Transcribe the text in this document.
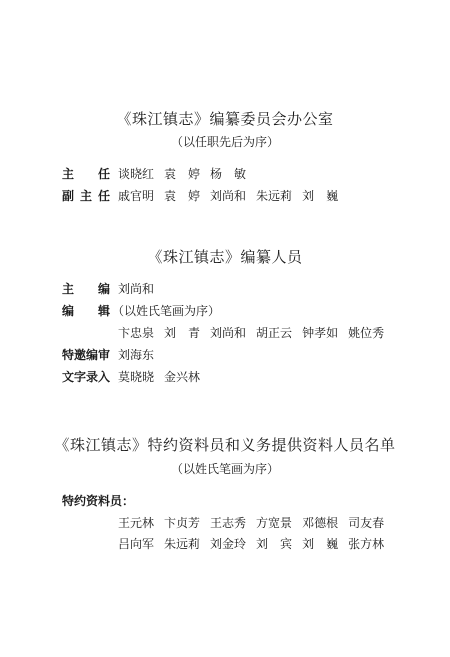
《珠江镇志》编纂委员会办公室
（以任职先后为序）
主 任 谈晓红 袁　婷 杨　敏
副 主 任 戚官明 袁　婷 刘尚和 朱远莉 刘　巍
《珠江镇志》编纂人员
主 编 刘尚和
编 辑 （以姓氏笔画为序）
卞忠泉 刘　青 刘尚和 胡正云 钟孝如 姚位秀
特邀编审 刘海东
文字录入 莫晓晓 金兴林
《珠江镇志》特约资料员和义务提供资料人员名单
（以姓氏笔画为序）
特约资料员：
王元林 卞贞芳 王志秀 方宽景 邓德根 司友春
吕向军 朱远莉 刘金玲 刘　宾 刘　巍 张方林
